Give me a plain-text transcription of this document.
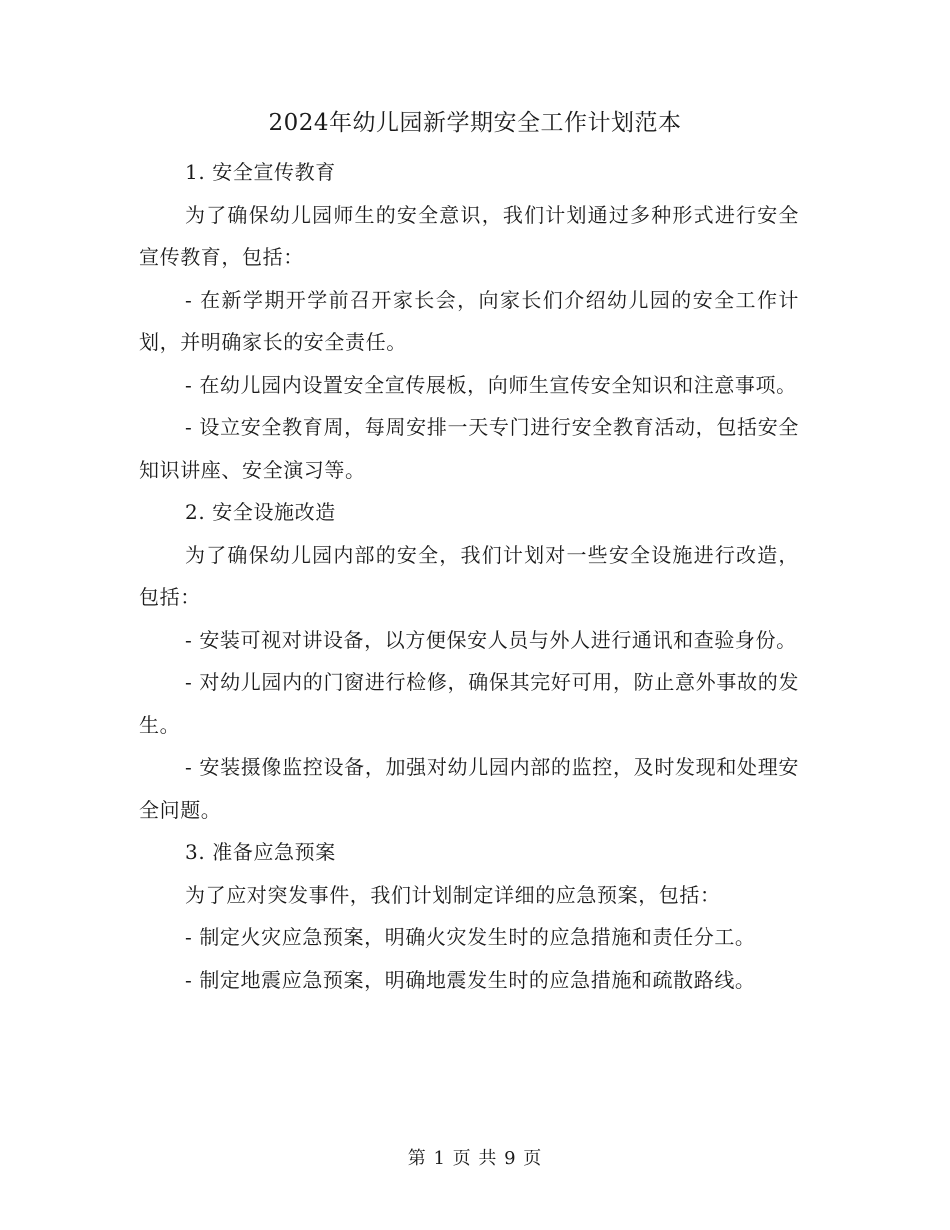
2024年幼儿园新学期安全工作计划范本

1. 安全宣传教育

为了确保幼儿园师生的安全意识，我们计划通过多种形式进行安全宣传教育，包括：

- 在新学期开学前召开家长会，向家长们介绍幼儿园的安全工作计划，并明确家长的安全责任。

- 在幼儿园内设置安全宣传展板，向师生宣传安全知识和注意事项。

- 设立安全教育周，每周安排一天专门进行安全教育活动，包括安全知识讲座、安全演习等。

2. 安全设施改造

为了确保幼儿园内部的安全，我们计划对一些安全设施进行改造，包括：

- 安装可视对讲设备，以方便保安人员与外人进行通讯和查验身份。

- 对幼儿园内的门窗进行检修，确保其完好可用，防止意外事故的发生。

- 安装摄像监控设备，加强对幼儿园内部的监控，及时发现和处理安全问题。

3. 准备应急预案

为了应对突发事件，我们计划制定详细的应急预案，包括：

- 制定火灾应急预案，明确火灾发生时的应急措施和责任分工。

- 制定地震应急预案，明确地震发生时的应急措施和疏散路线。

第 1 页 共 9 页
